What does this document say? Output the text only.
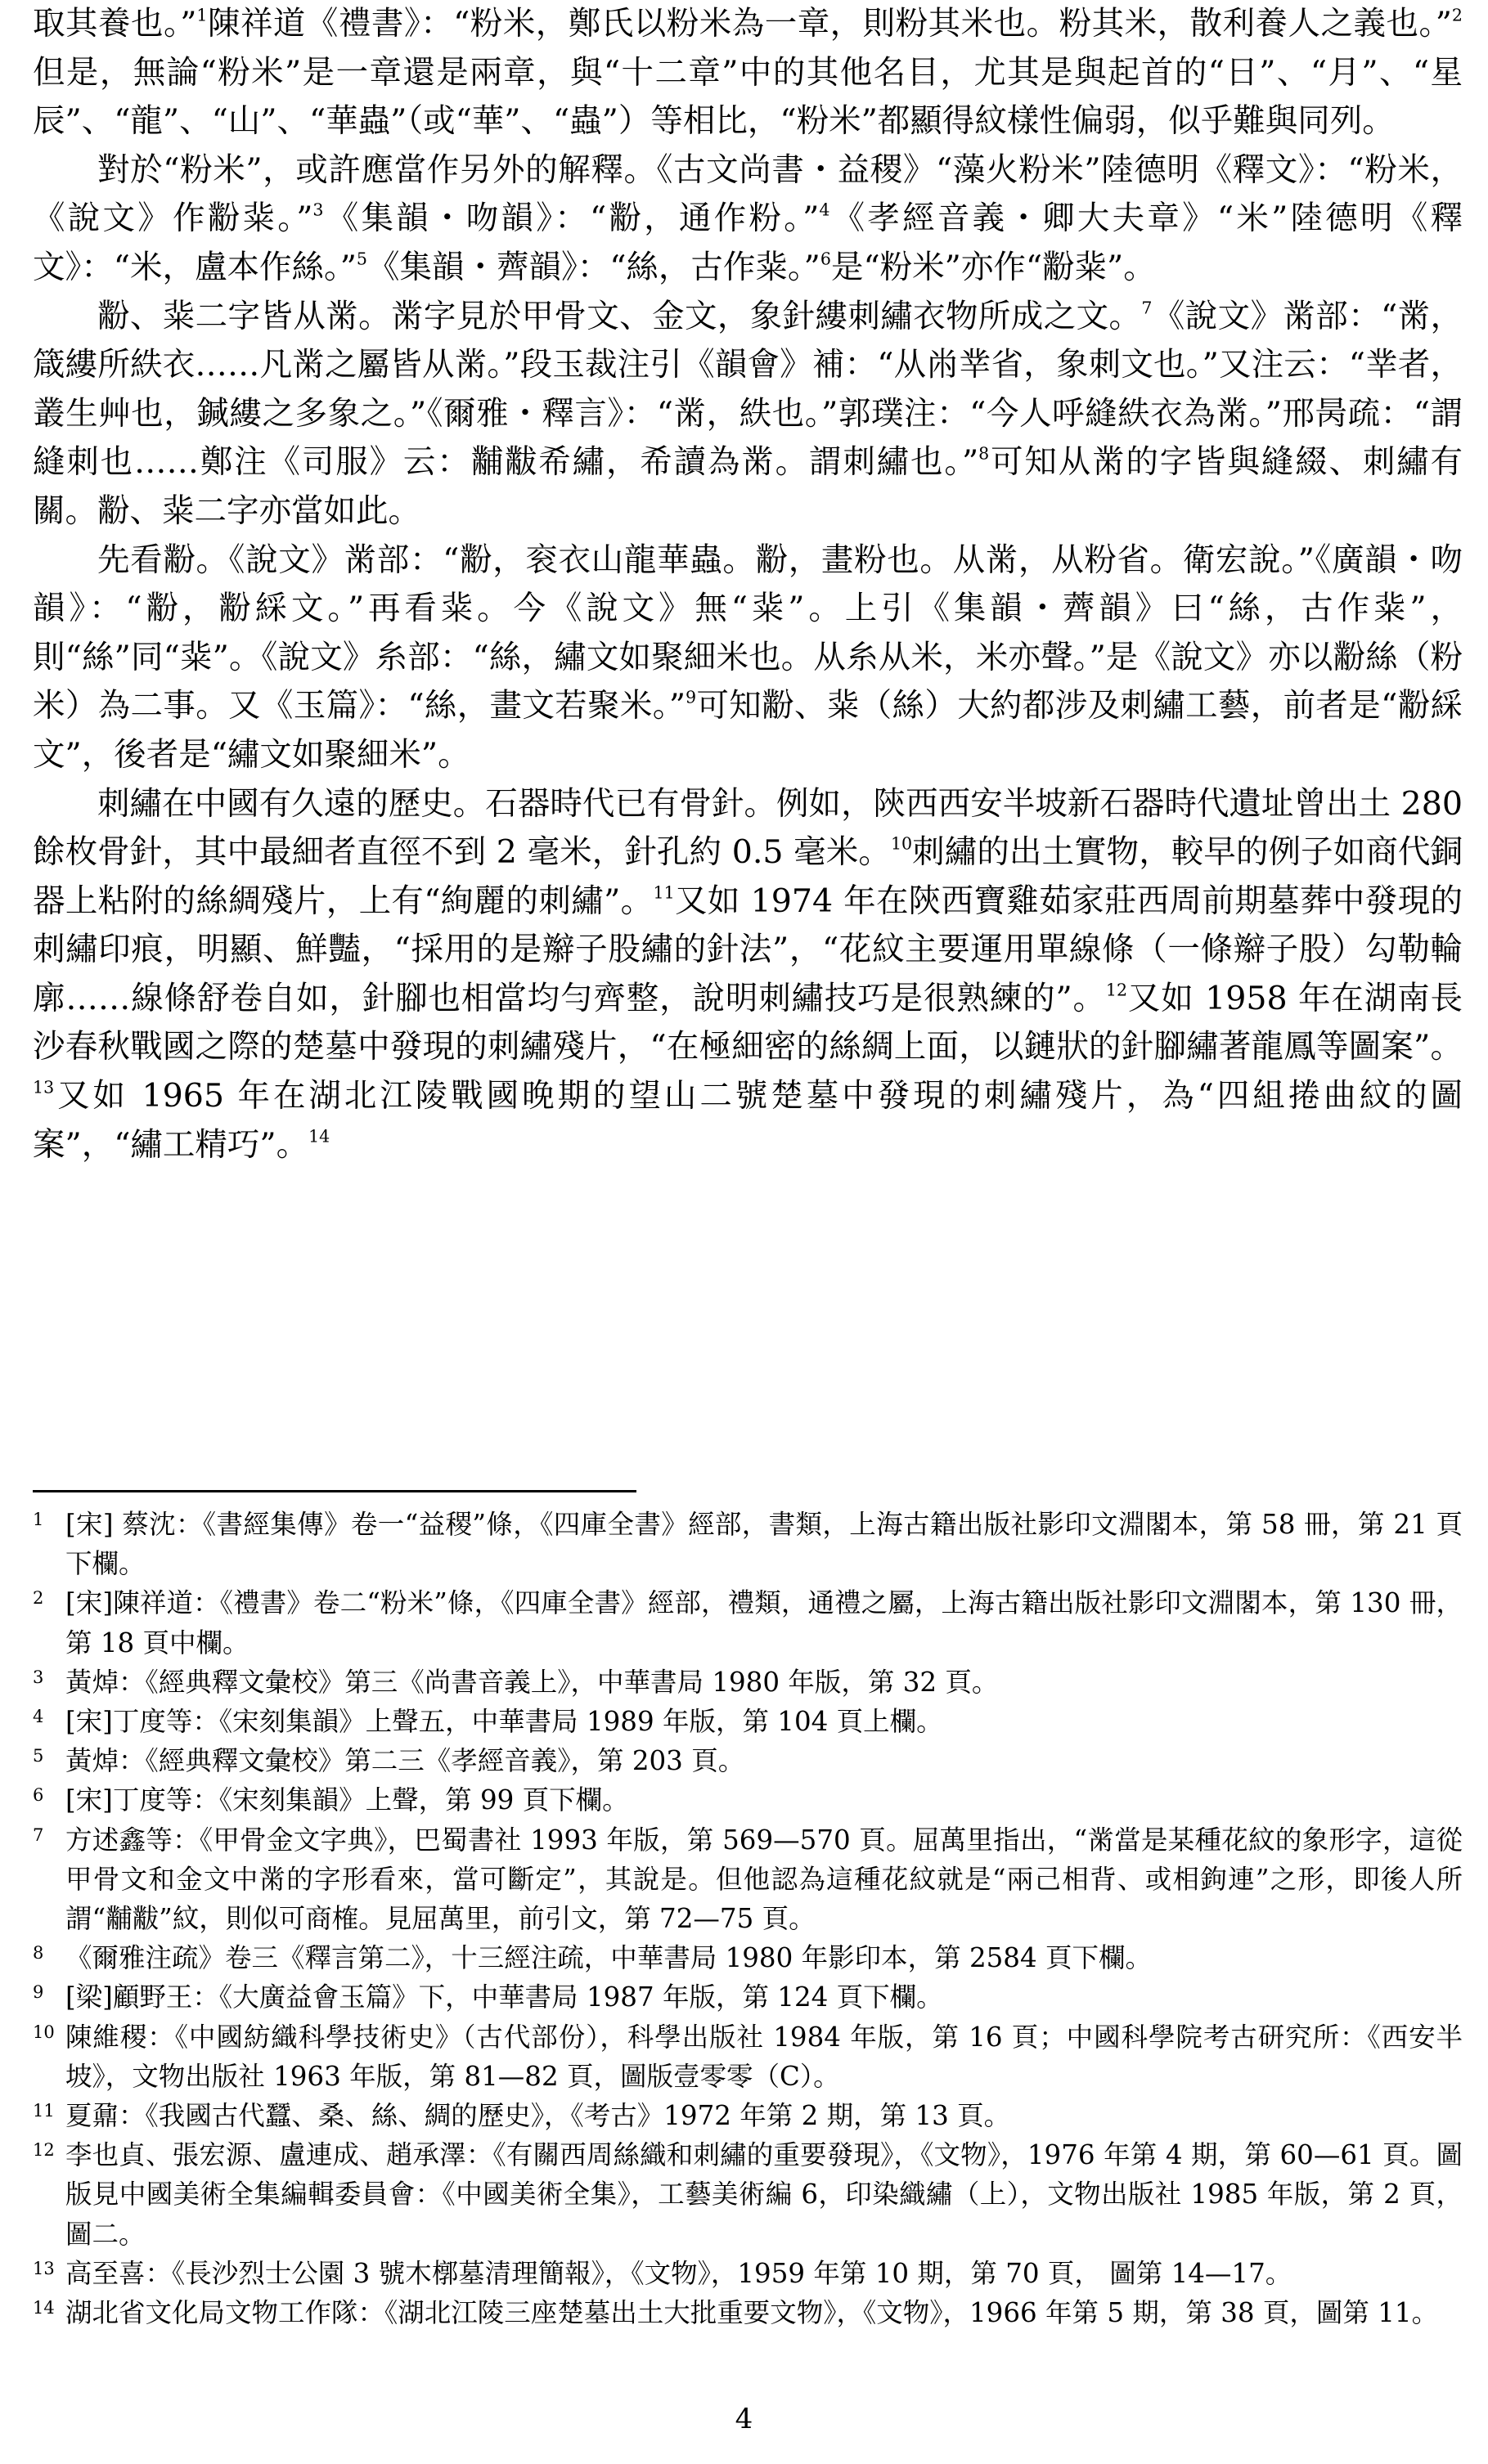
取其養也。”$^1$陳祥道《禮書》：“粉米，鄭氏以粉米為一章，則粉其米也。粉其米，散利養人之義也。”$^2$但是，無論“粉米”是一章還是兩章，與“十二章”中的其他名目，尤其是與起首的“日”、“月”、“星辰”、“龍”、“山”、“華蟲”（或“華”、“蟲”）等相比，“粉米”都顯得紋樣性偏弱，似乎難與同列。

對於“粉米”，或許應當作另外的解釋。《古文尚書・益稷》“藻火粉米”陸德明《釋文》：“粉米，《說文》作黺䉾。”$^3$《集韻・吻韻》：“黺，通作粉。”$^4$《孝經音義・卿大夫章》“米”陸德明《釋文》：“米，盧本作絲。”$^5$《集韻・薺韻》：“絲，古作䉾。”$^6$是“粉米”亦作“黺䉾”。

黺、䉾二字皆从黹。黹字見於甲骨文、金文，象針縷刺繡衣物所成之文。$^7$《說文》黹部：“黹，箴縷所紩衣……凡黹之屬皆从黹。”段玉裁注引《韻會》補：“从㡀丵省，象刺文也。”又注云：“丵者，叢生艸也，鍼縷之多象之。”《爾雅・釋言》：“黹，紩也。”郭璞注：“今人呼縫紩衣為黹。”邢昺疏：“謂縫刺也……鄭注《司服》云：黼黻希繡，希讀為黹。謂刺繡也。”$^8$可知从黹的字皆與縫綴、刺繡有關。黺、䉾二字亦當如此。

先看黺。《說文》黹部：“黺，衮衣山龍華蟲。黺，畫粉也。从黹，从粉省。衛宏說。”《廣韻・吻韻》：“黺，黺綵文。”再看䉾。今《說文》無“䉾”。上引《集韻・薺韻》曰“絲，古作䉾”，則“絲”同“䉾”。《說文》糸部：“絲，繡文如聚細米也。从糸从米，米亦聲。”是《說文》亦以黺絲（粉米）為二事。又《玉篇》：“絲，畫文若聚米。”$^9$可知黺、䉾（絲）大約都涉及刺繡工藝，前者是“黺綵文”，後者是“繡文如聚細米”。

刺繡在中國有久遠的歷史。石器時代已有骨針。例如，陝西西安半坡新石器時代遺址曾出土 280 餘枚骨針，其中最細者直徑不到 2 毫米，針孔約 0.5 毫米。$^{10}$刺繡的出土實物，較早的例子如商代銅器上粘附的絲綢殘片，上有“絢麗的刺繡”。$^{11}$又如 1974 年在陝西寶雞茹家莊西周前期墓葬中發現的刺繡印痕，明顯、鮮豔，“採用的是辮子股繡的針法”，“花紋主要運用單線條（一條辮子股）勾勒輪廓……線條舒卷自如，針腳也相當均勻齊整，說明刺繡技巧是很熟練的”。$^{12}$又如 1958 年在湖南長沙春秋戰國之際的楚墓中發現的刺繡殘片，“在極細密的絲綢上面，以鏈狀的針腳繡著龍鳳等圖案”。$^{13}$又如 1965 年在湖北江陵戰國晚期的望山二號楚墓中發現的刺繡殘片，為“四組捲曲紋的圖案”，“繡工精巧”。$^{14}$

1 [宋] 蔡沈：《書經集傳》卷一“益稷”條，《四庫全書》經部，書類，上海古籍出版社影印文淵閣本，第 58 冊，第 21 頁下欄。
2 [宋]陳祥道：《禮書》卷二“粉米”條，《四庫全書》經部，禮類，通禮之屬，上海古籍出版社影印文淵閣本，第 130 冊，第 18 頁中欄。
3 黃焯：《經典釋文彙校》第三《尚書音義上》，中華書局 1980 年版，第 32 頁。
4 [宋]丁度等：《宋刻集韻》上聲五，中華書局 1989 年版，第 104 頁上欄。
5 黃焯：《經典釋文彙校》第二三《孝經音義》，第 203 頁。
6 [宋]丁度等：《宋刻集韻》上聲，第 99 頁下欄。
7 方述鑫等：《甲骨金文字典》，巴蜀書社 1993 年版，第 569—570 頁。屈萬里指出，“黹當是某種花紋的象形字，這從甲骨文和金文中黹的字形看來，當可斷定”，其說是。但他認為這種花紋就是“兩己相背、或相鉤連”之形，即後人所謂“黼黻”紋，則似可商榷。見屈萬里，前引文，第 72—75 頁。
8 《爾雅注疏》卷三《釋言第二》，十三經注疏，中華書局 1980 年影印本，第 2584 頁下欄。
9 [梁]顧野王：《大廣益會玉篇》下，中華書局 1987 年版，第 124 頁下欄。
10 陳維稷：《中國紡織科學技術史》（古代部份），科學出版社 1984 年版，第 16 頁；中國科學院考古研究所：《西安半坡》，文物出版社 1963 年版，第 81—82 頁，圖版壹零零（C）。
11 夏鼐：《我國古代蠶、桑、絲、綢的歷史》，《考古》1972 年第 2 期，第 13 頁。
12 李也貞、張宏源、盧連成、趙承澤：《有關西周絲織和刺繡的重要發現》，《文物》，1976 年第 4 期，第 60—61 頁。圖版見中國美術全集編輯委員會：《中國美術全集》，工藝美術編 6，印染織繡（上），文物出版社 1985 年版，第 2 頁，圖二。
13 高至喜：《長沙烈士公園 3 號木槨墓清理簡報》，《文物》，1959 年第 10 期，第 70 頁， 圖第 14—17。
14 湖北省文化局文物工作隊：《湖北江陵三座楚墓出土大批重要文物》，《文物》，1966 年第 5 期，第 38 頁，圖第 11。
4
